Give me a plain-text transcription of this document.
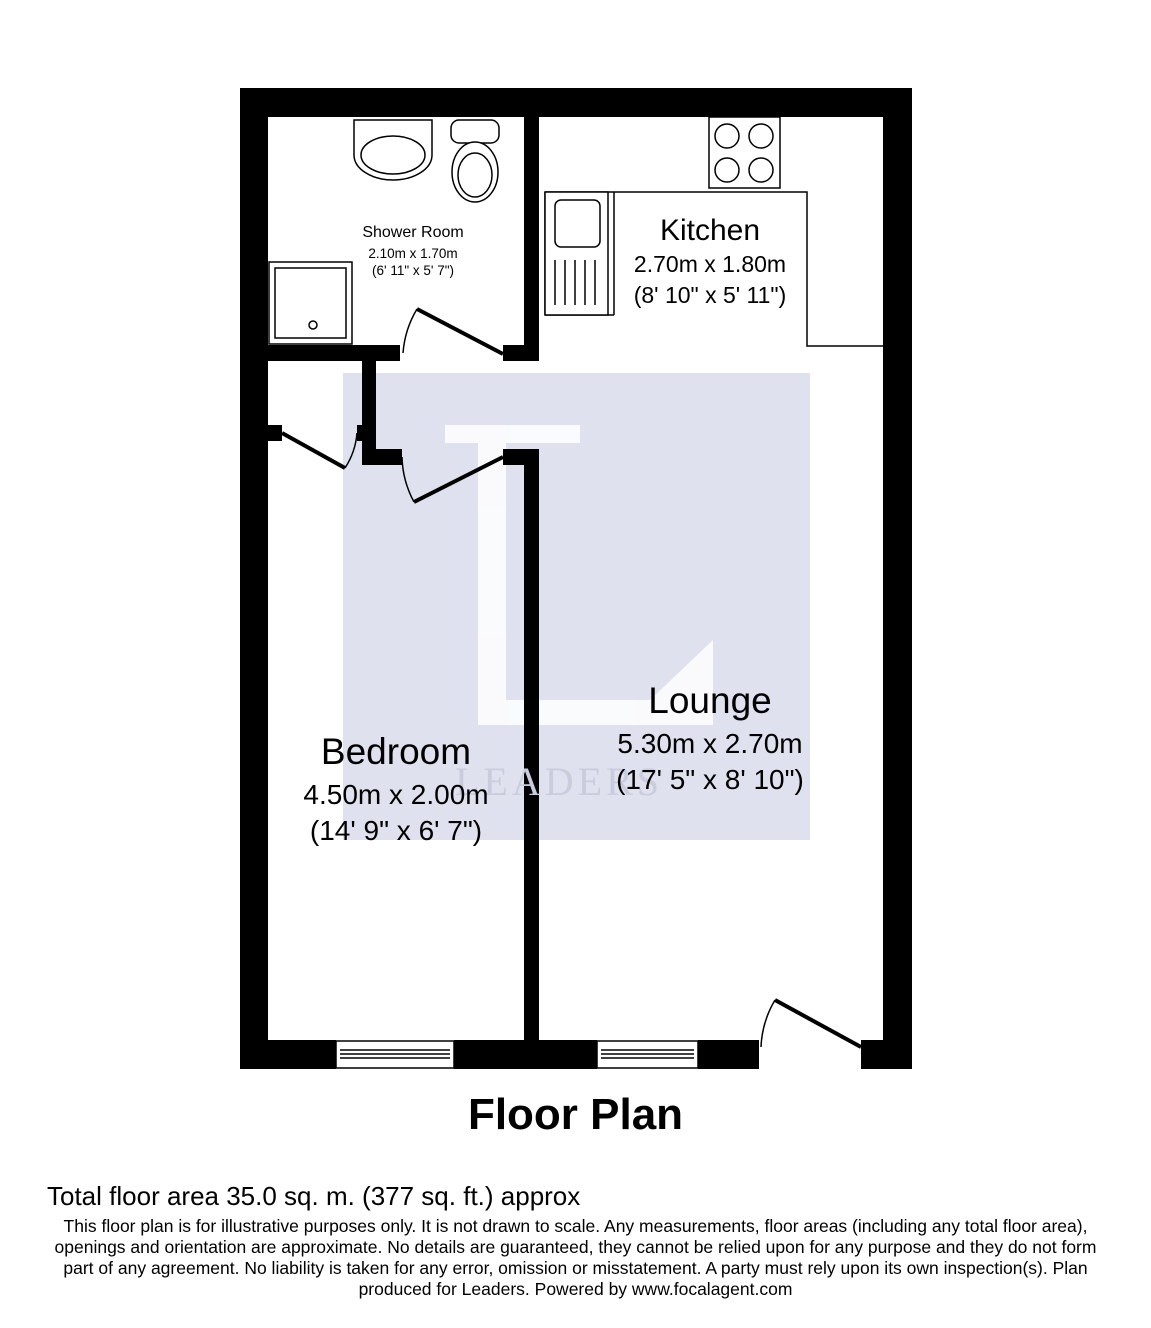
LEADERS
Shower Room
2.10m x 1.70m
(6' 11" x 5' 7")
Kitchen
2.70m x 1.80m
(8' 10" x 5' 11")
Lounge
5.30m x 2.70m
(17' 5" x 8' 10")
Bedroom
4.50m x 2.00m
(14' 9" x 6' 7")
Floor Plan
Total floor area 35.0 sq. m. (377 sq. ft.) approx
This floor plan is for illustrative purposes only. It is not drawn to scale. Any measurements, floor areas (including any total floor area), openings and orientation are approximate. No details are guaranteed, they cannot be relied upon for any purpose and they do not form part of any agreement. No liability is taken for any error, omission or misstatement. A party must rely upon its own inspection(s). Plan produced for Leaders. Powered by www.focalagent.com
